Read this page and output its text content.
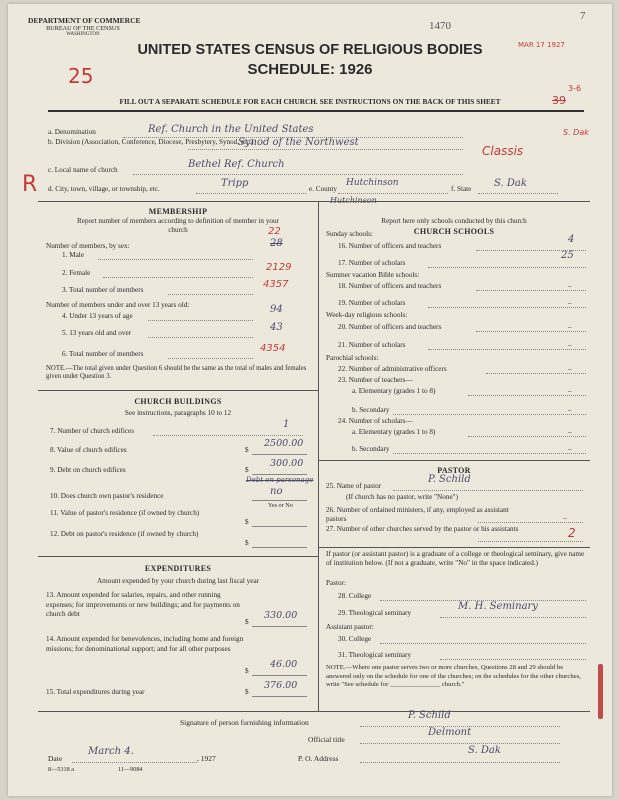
DEPARTMENT OF COMMERCE
BUREAU OF THE CENSUS
WASHINGTON
1470
MAR 17 1927
7
UNITED STATES CENSUS OF RELIGIOUS BODIES
SCHEDULE: 1926
25
3-6
39
FILL OUT A SEPARATE SCHEDULE FOR EACH CHURCH. SEE INSTRUCTIONS ON THE BACK OF THIS SHEET
R
a. Denomination	Ref. Church in the United States
b. Division (Association, Conference, Diocese, Presbytery, Synod, etc.)
Synod of the Northwest
Classis
S. Dak
c. Local name of church	Bethel Ref. Church
d. City, town, village, or township, etc.	Tripp	e. County
Hutchinson
f. State S. Dak
MEMBERSHIP
Report number of members according to definition of member in your church
Number of members, by sex:
1. Male
22
28
2. Female	2129
3. Total number of members	4357
Number of members under and over 13 years old:
4. Under 13 years of age
94
5. 13 years old and over	43
6. Total number of members	4354
NOTE.—The total given under Question 6 should be the same as the total of males and females given under Question 3.
CHURCH BUILDINGS
See instructions, paragraphs 10 to 12
7. Number of church edifices
1
8. Value of church edifices	$
2500.00
9. Debt on church edifices	$
300.00
Debt on parsonage
10. Does church own pastor's residence	no
Yes or No
11. Value of pastor's residence (if owned by church)
$
12. Debt on pastor's residence (if owned by church)
$
EXPENDITURES
Amount expended by your church during last fiscal year
13. Amount expended for salaries, repairs, and other running expenses; for improvements or new buildings; and for payments on church debt
$
330.00
14. Amount expended for benevolences, including home and foreign missions; for denominational support; and for all other purposes
$
46.00
15. Total expenditures during year	$
376.00
CHURCH SCHOOLS
Report here only schools conducted by this church
Sunday schools:
16. Number of officers and teachers
4
17. Number of scholars
25
Summer vacation Bible schools:
18. Number of officers and teachers	–
19. Number of scholars	–
Week-day religious schools:
20. Number of officers and teachers	–
21. Number of scholars	–
Parochial schools:
22. Number of administrative officers	–
23. Number of teachers—
a. Elementary (grades 1 to 8)	–
b. Secondary	–
24. Number of scholars—
a. Elementary (grades 1 to 8)	–
b. Secondary	–
PASTOR
25. Name of pastor
P. Schild
(If church has no pastor, write "None")
26. Number of ordained ministers, if any, employed as assistant pastors	–
27. Number of other churches served by the pastor or his assistants	2
If pastor (or assistant pastor) is a graduate of a college or theological seminary, give name of institution below. (If not a graduate, write "No" in the space indicated.)
Pastor:
28. College
29. Theological seminary
M. H. Seminary
Assistant pastor:
30. College
31. Theological seminary
NOTE.—Where one pastor serves two or more churches, Questions 28 and 29 should be answered only on the schedule for one of the churches; on the schedules for the other churches, write "See schedule for _______________ church."
Signature of person furnishing information
P. Schild
Official title
Delmont
Date
March 4.
, 1927	P. O. Address
S. Dak
8—5318 a	11—9084
